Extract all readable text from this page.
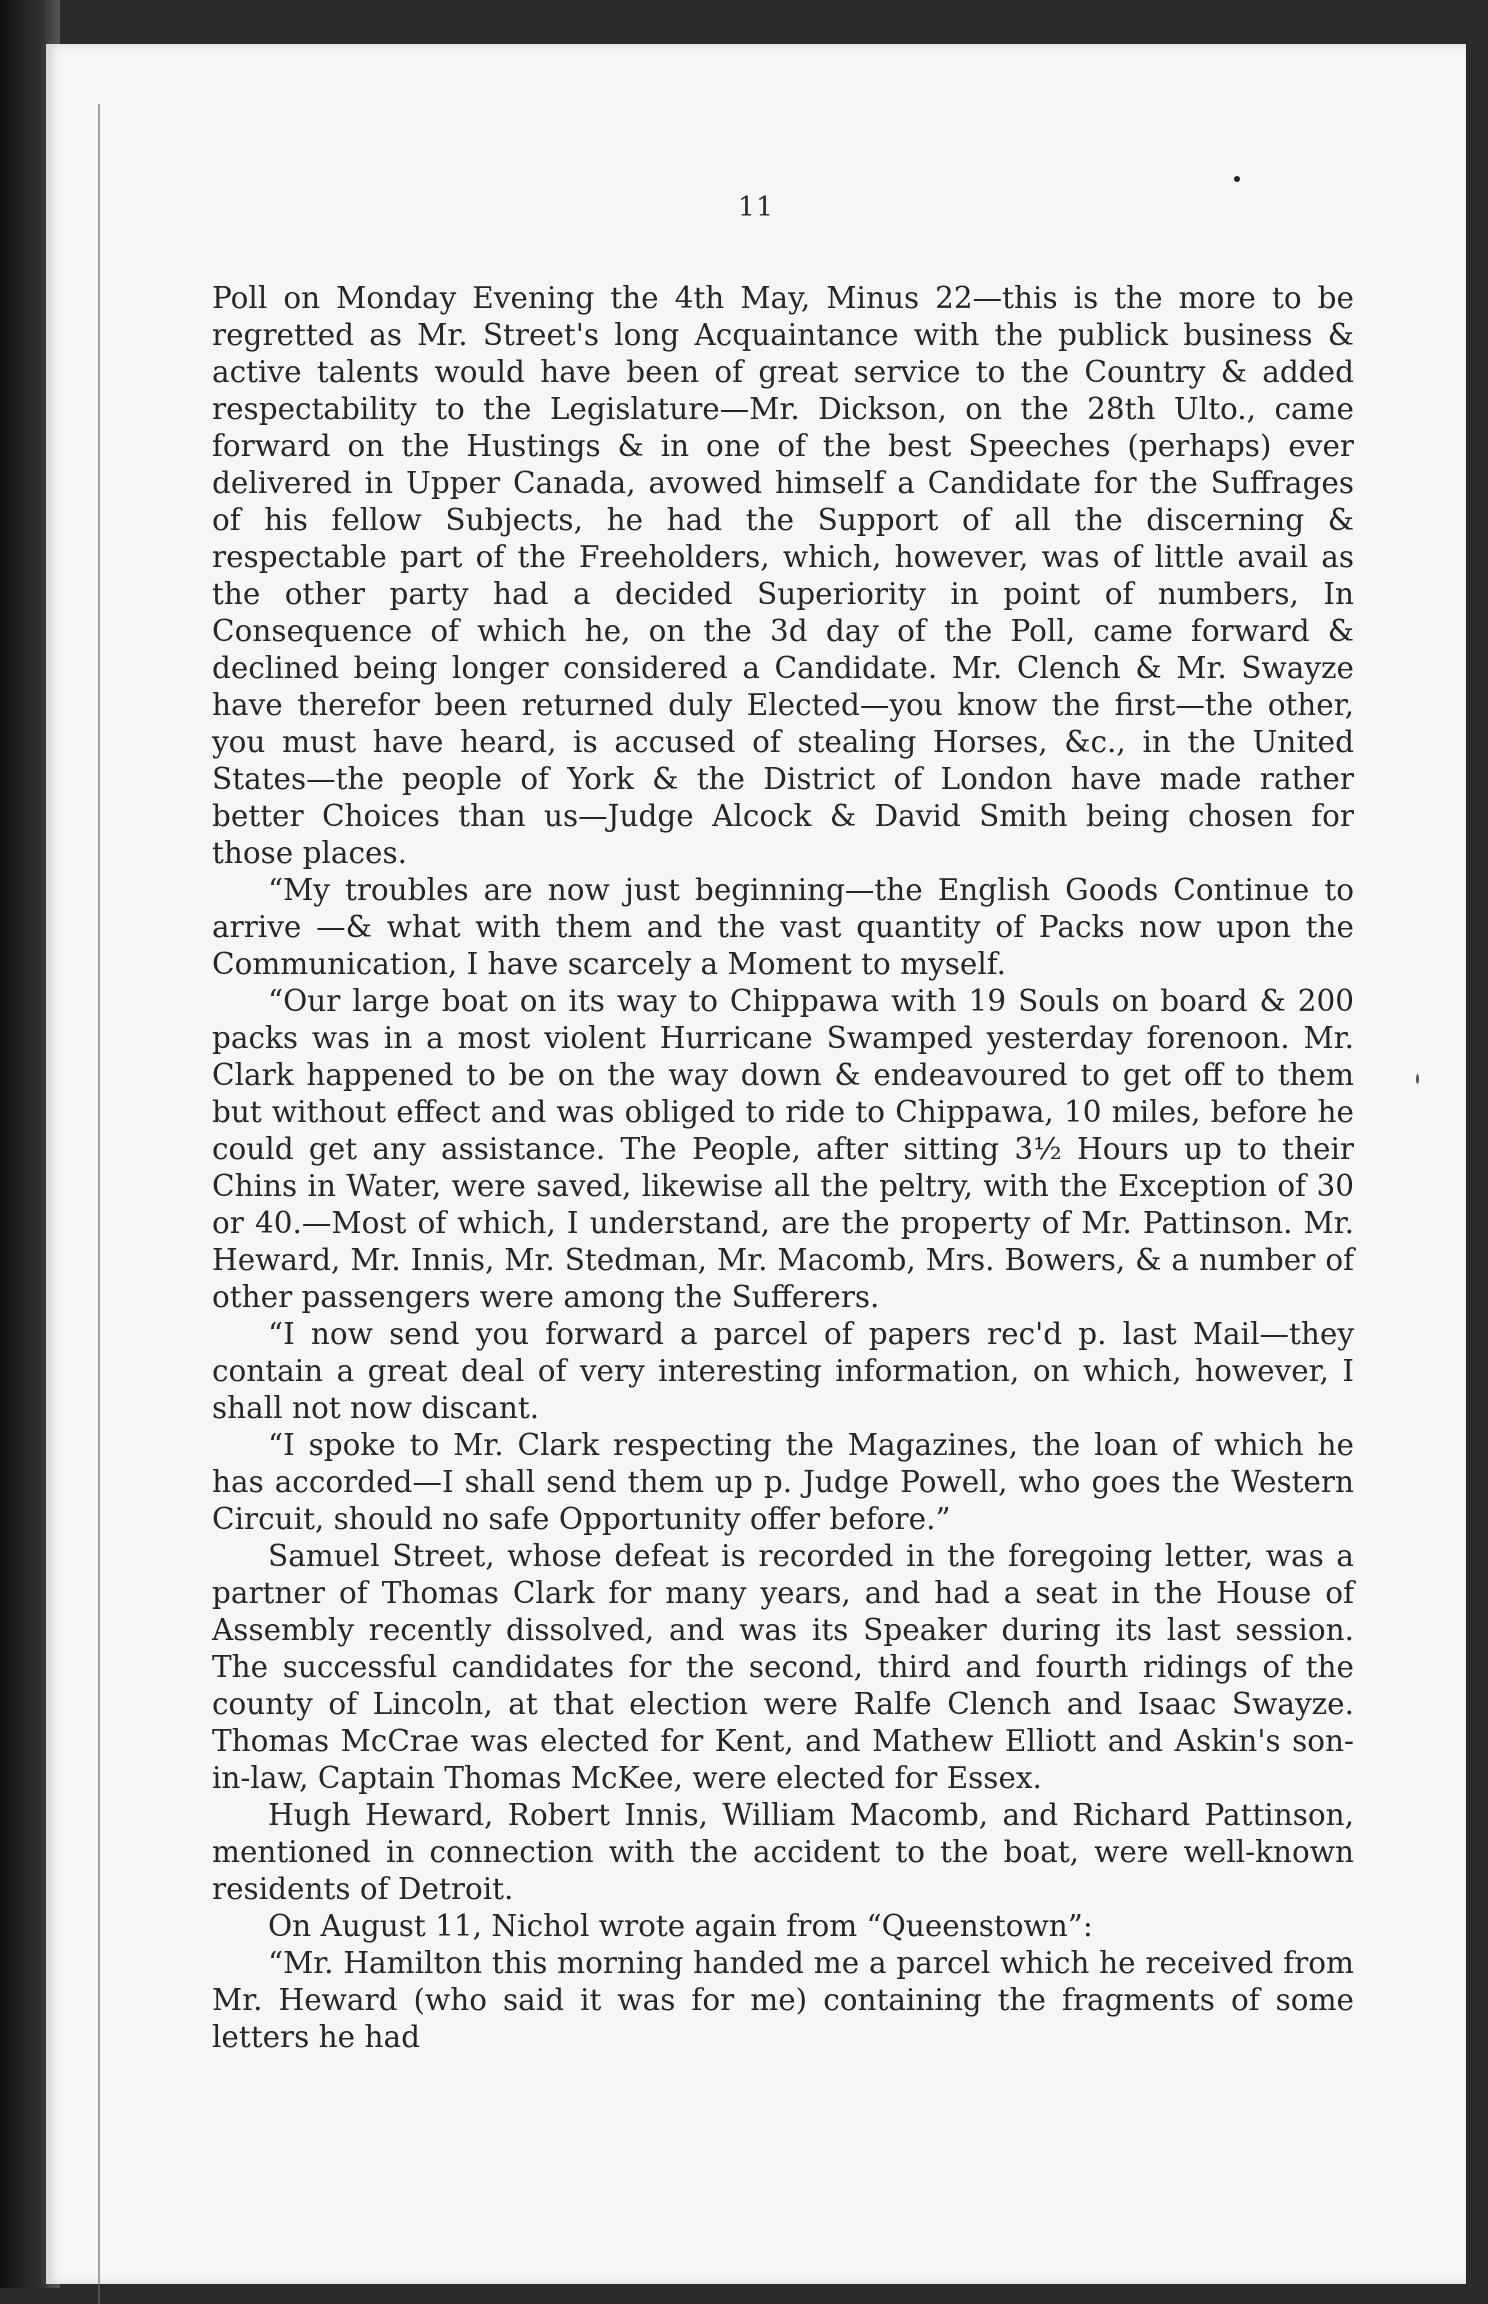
11

Poll on Monday Evening the 4th May, Minus 22—this is the more to be regretted as Mr. Street's long Acquaintance with the publick business & active talents would have been of great service to the Country & added respectability to the Legislature—Mr. Dickson, on the 28th Ulto., came forward on the Hustings & in one of the best Speeches (perhaps) ever delivered in Upper Canada, avowed himself a Candidate for the Suffrages of his fellow Subjects, he had the Support of all the discerning & respectable part of the Freeholders, which, however, was of little avail as the other party had a decided Superiority in point of numbers, In Consequence of which he, on the 3d day of the Poll, came forward & declined being longer considered a Candidate. Mr. Clench & Mr. Swayze have therefor been returned duly Elected—you know the first—the other, you must have heard, is accused of stealing Horses, &c., in the United States—the people of York & the District of London have made rather better Choices than us—Judge Alcock & David Smith being chosen for those places.

“My troubles are now just beginning—the English Goods Continue to arrive —& what with them and the vast quantity of Packs now upon the Communication, I have scarcely a Moment to myself.

“Our large boat on its way to Chippawa with 19 Souls on board & 200 packs was in a most violent Hurricane Swamped yesterday forenoon. Mr. Clark happened to be on the way down & endeavoured to get off to them but without effect and was obliged to ride to Chippawa, 10 miles, before he could get any assistance. The People, after sitting 3½ Hours up to their Chins in Water, were saved, likewise all the peltry, with the Exception of 30 or 40.—Most of which, I understand, are the property of Mr. Pattinson. Mr. Heward, Mr. Innis, Mr. Stedman, Mr. Macomb, Mrs. Bowers, & a number of other passengers were among the Sufferers.

“I now send you forward a parcel of papers rec'd p. last Mail—they contain a great deal of very interesting information, on which, however, I shall not now discant.

“I spoke to Mr. Clark respecting the Magazines, the loan of which he has accorded—I shall send them up p. Judge Powell, who goes the Western Circuit, should no safe Opportunity offer before.”

Samuel Street, whose defeat is recorded in the foregoing letter, was a partner of Thomas Clark for many years, and had a seat in the House of Assembly recently dissolved, and was its Speaker during its last session. The successful candidates for the second, third and fourth ridings of the county of Lincoln, at that election were Ralfe Clench and Isaac Swayze. Thomas McCrae was elected for Kent, and Mathew Elliott and Askin's son-in-law, Captain Thomas McKee, were elected for Essex.

Hugh Heward, Robert Innis, William Macomb, and Richard Pattinson, mentioned in connection with the accident to the boat, were well-known residents of Detroit.

On August 11, Nichol wrote again from “Queenstown”:

“Mr. Hamilton this morning handed me a parcel which he received from Mr. Heward (who said it was for me) containing the fragments of some letters he had
